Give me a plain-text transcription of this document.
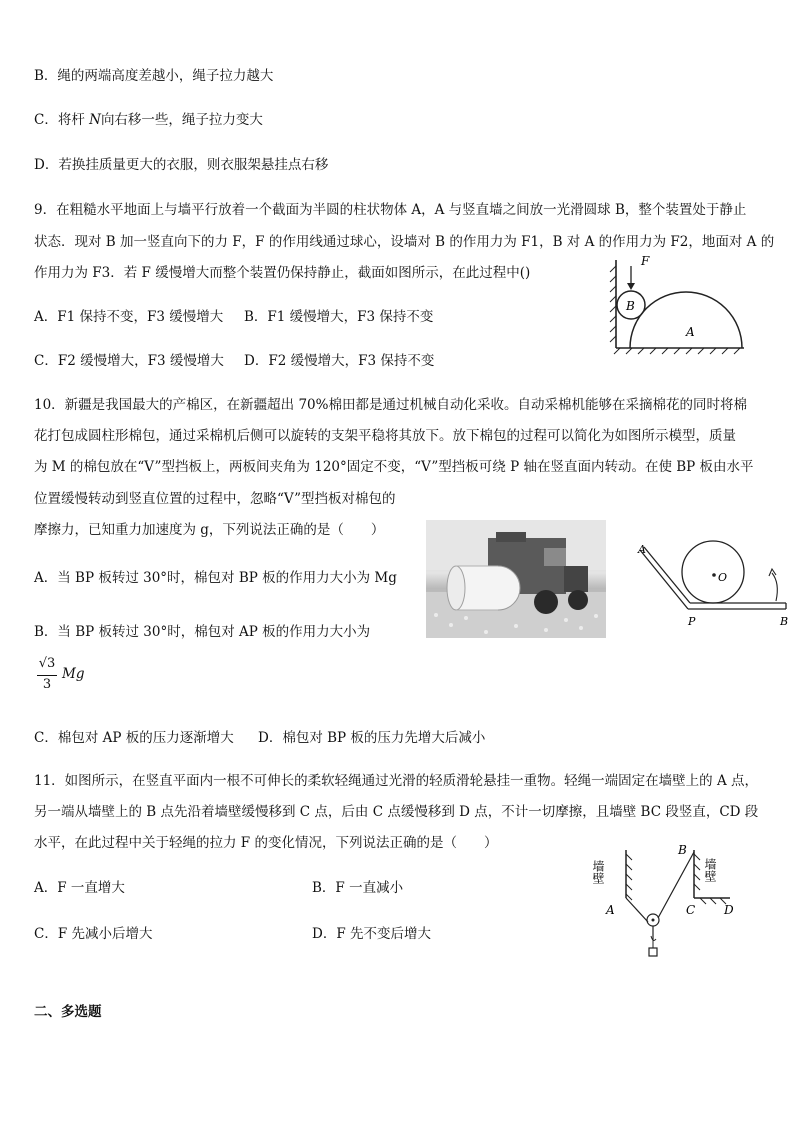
B．绳的两端高度差越小，绳子拉力越大
C．将杆 N向右移一些，绳子拉力变大
D．若换挂质量更大的衣服，则衣服架悬挂点右移
9．在粗糙水平地面上与墙平行放着一个截面为半圆的柱状物体 A，A 与竖直墙之间放一光滑圆球 B，整个装置处于静止
状态．现对 B 加一竖直向下的力 F，F 的作用线通过球心，设墙对 B 的作用力为 F1，B 对 A 的作用力为 F2，地面对 A 的
作用力为 F3．若 F 缓慢增大而整个装置仍保持静止，截面如图所示，在此过程中()
A．F1 保持不变，F3 缓慢增大 B．F1 缓慢增大，F3 保持不变
C．F2 缓慢增大，F3 缓慢增大 D．F2 缓慢增大，F3 保持不变
F
B
A
10．新疆是我国最大的产棉区，在新疆超出 70%棉田都是通过机械自动化采收。自动采棉机能够在采摘棉花的同时将棉
花打包成圆柱形棉包，通过采棉机后侧可以旋转的支架平稳将其放下。放下棉包的过程可以简化为如图所示模型，质量
为 M 的棉包放在“V”型挡板上，两板间夹角为 120°固定不变，“V”型挡板可绕 P 轴在竖直面内转动。在使 BP 板由水平
位置缓慢转动到竖直位置的过程中，忽略“V”型挡板对棉包的
摩擦力，已知重力加速度为 g，下列说法正确的是（　　）
A．当 BP 板转过 30°时，棉包对 BP 板的作用力大小为 Mg
B．当 BP 板转过 30°时，棉包对 AP 板的作用力大小为
√3
3
Mg
C．棉包对 AP 板的压力逐渐增大 D．棉包对 BP 板的压力先增大后减小
A
O
P	B
11．如图所示，在竖直平面内一根不可伸长的柔软轻绳通过光滑的轻质滑轮悬挂一重物。轻绳一端固定在墙壁上的 A 点，
另一端从墙壁上的 B 点先沿着墙壁缓慢移到 C 点，后由 C 点缓慢移到 D 点，不计一切摩擦，且墙壁 BC 段竖直，CD 段
水平，在此过程中关于轻绳的拉力 F 的变化情况，下列说法正确的是（　　）
A．F 一直增大	B．F 一直减小
C．F 先减小后增大	D．F 先不变后增大
墙壁	墙壁
A
B
C D
二、多选题
